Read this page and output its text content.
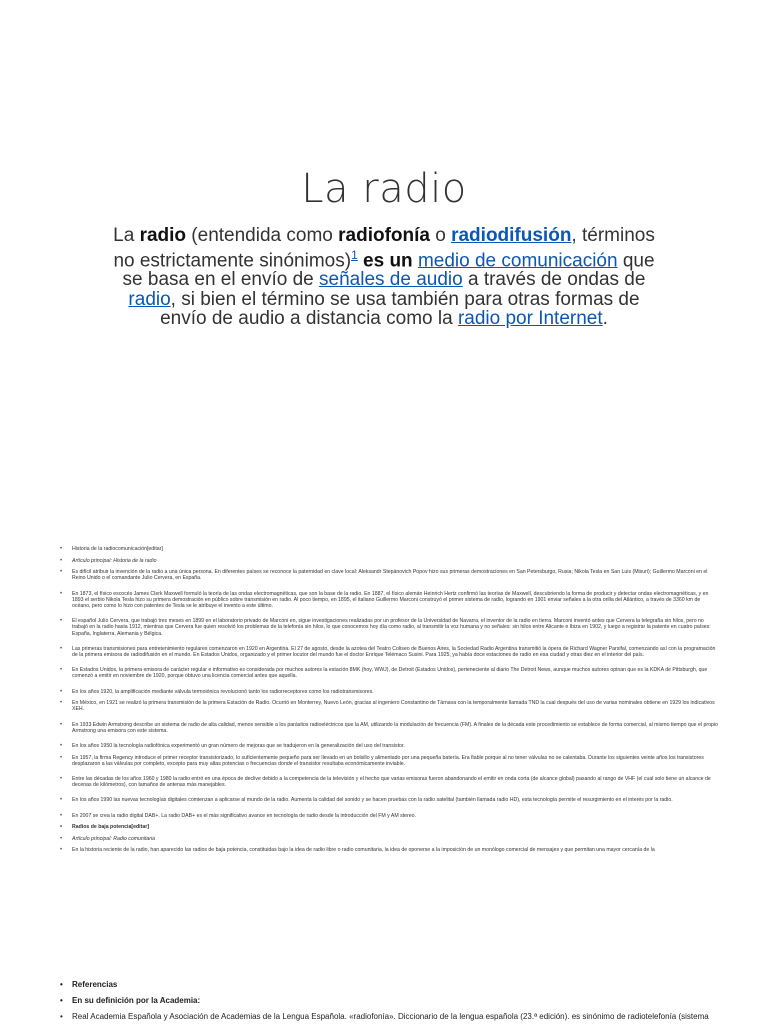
La radio

La radio (entendida como radiofonía o radiodifusión, términos no estrictamente sinónimos)$^1$ es un medio de comunicación que se basa en el envío de señales de audio a través de ondas de radio, si bien el término se usa también para otras formas de envío de audio a distancia como la radio por Internet.

• Historia de la radiocomunicación[editar]
• Artículo principal: Historia de la radio
• Es difícil atribuir la invención de la radio a una única persona. En diferentes países se reconoce la paternidad en clave local: Aleksandr Stepánovich Popov hizo sus primeras demostraciones en San Petersburgo, Rusia; Nikola Tesla en San Luis (Misuri); Guillermo Marconi en el Reino Unido o el comandante Julio Cervera, en España.
• En 1873, el físico escocés James Clerk Maxwell formuló la teoría de las ondas electromagnéticas, que son la base de la radio. En 1887, el físico alemán Heinrich Hertz confirmó las teorías de Maxwell, descubriendo la forma de producir y detectar ondas electromagnéticas, y en 1893 el serbio Nikola Tesla hizo su primera demostración en público sobre transmisión en radio. Al poco tiempo, en 1895, el italiano Guillermo Marconi construyó el primer sistema de radio, logrando en 1901 enviar señales a la otra orilla del Atlántico, a través de 3360 km de océano, pero como lo hizo con patentes de Tesla se le atribuye el invento a este último.
• El español Julio Cervera, que trabajó tres meses en 1899 en el laboratorio privado de Marconi en, sigue investigaciones realizadas por un profesor de la Universidad de Navarra, el inventor de la radio en tierra. Marconi inventó antes que Cervera la telegrafía sin hilos, pero no trabajó en la radio hasta 1912, mientras que Cervera fue quien resolvió los problemas de la telefonía sin hilos, lo que conocemos hoy día como radio, al transmitir la voz humana y no señales: sin hilos entre Alicante e Ibiza en 1902, y luego a registrar la patente en cuatro países: España, Inglaterra, Alemania y Bélgica.
• Las primeras transmisiones para entretenimiento regulares comenzaron en 1920 en Argentina. El 27 de agosto, desde la azotea del Teatro Coliseo de Buenos Aires, la Sociedad Radio Argentina transmitió la ópera de Richard Wagner Parsifal, comenzando así con la programación de la primera emisora de radiodifusión en el mundo. En Estados Unidos, organizado y el primer locutor del mundo fue el doctor Enrique Telémaco Susini. Para 1925, ya había doce estaciones de radio en esa ciudad y otras diez en el interior del país.
• En Estados Unidos, la primera emisora de carácter regular e informativo es considerada por muchos autores la estación 8MK (hoy, WWJ), de Detroit (Estados Unidos), perteneciente al diario The Detroit News, aunque muchos autores opinan que es la KDKA de Pittsburgh, que comenzó a emitir en noviembre de 1920, porque obtuvo una licencia comercial antes que aquella.
• En los años 1920, la amplificación mediante válvula termoiónica revolucionó tanto los radiorreceptores como los radiotransmisores.
• En México, en 1921 se realizó la primera transmisión de la primera Estación de Radio. Ocurrió en Monterrey, Nuevo León, gracias al ingeniero Constantino de Tárnava con la temporalmente llamada TND la cual después del uso de varias nominales obtiene en 1929 los indicativos XEH.
• En 1933 Edwin Armstrong describe un sistema de radio de alta calidad, menos sensible a los parásitos radioeléctricos que la AM, utilizando la modulación de frecuencia (FM). A finales de la década este procedimiento se establece de forma comercial, al mismo tiempo que el propio Armstrong una emisora con este sistema.
• En los años 1950 la tecnología radiofónica experimentó un gran número de mejoras que se tradujeron en la generalización del uso del transistor.
• En 1957, la firma Regency introduce el primer receptor transistorizado, lo suficientemente pequeño para ser llevado en un bolsillo y alimentado por una pequeña batería. Era fiable porque al no tener válvulas no se calentaba. Durante los siguientes veinte años los transistores desplazaron a las válvulas por completo, excepto para muy altas potencias o frecuencias donde el transistor resultaba económicamente inviable.
• Entre las décadas de los años 1960 y 1980 la radio entró en una época de declive debido a la competencia de la televisión y el hecho que varias emisoras fueron abandonando el emitir en onda corta (de alcance global) pasando al rango de VHF (el cual solo tiene un alcance de decenas de kilómetros), con tamaños de antenas más manejables.
• En los años 1990 las nuevas tecnologías digitales comienzan a aplicarse al mundo de la radio. Aumenta la calidad del sonido y se hacen pruebas con la radio satelital (también llamada radio HD), esta tecnología permite el resurgimiento en el interés por la radio.
• En 2007 se crea la radio digital DAB+. La radio DAB+ es el más significativo avance en tecnología de radio desde la introducción del FM y AM stereo.
• Radios de baja potencia[editar]
• Artículo principal: Radio comunitaria
• En la historia reciente de la radio, han aparecido las radios de baja potencia, constituidas bajo la idea de radio libre o radio comunitaria, la idea de oponerse a la imposición de un monólogo comercial de mensajes y que permitan una mayor cercanía de la
• Referencias
• En su definición por la Academia:
• Real Academia Española y Asociación de Academias de la Lengua Española. «radiofonía». Diccionario de la lengua española (23.ª edición). es sinónimo de radiotelefonía (sistema
